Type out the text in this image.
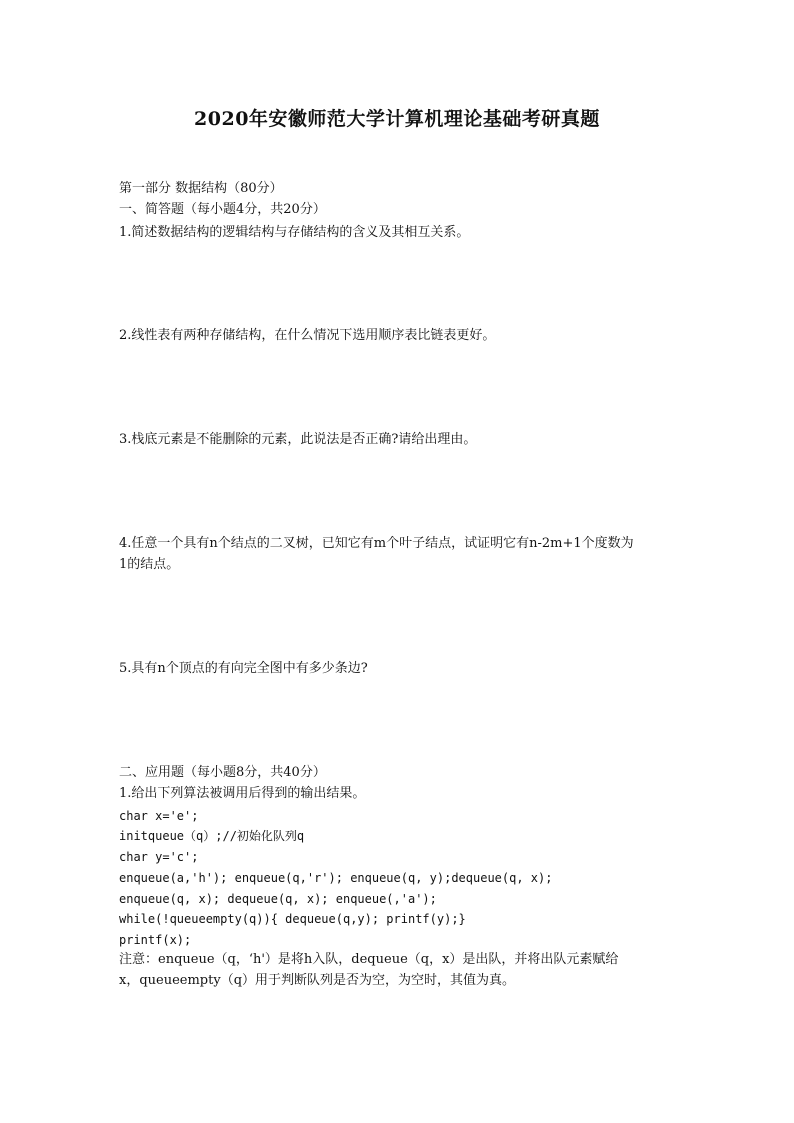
2020年安徽师范大学计算机理论基础考研真题
第一部分 数据结构（80分）
一、简答题（每小题4分，共20分）
1.简述数据结构的逻辑结构与存储结构的含义及其相互关系。
2.线性表有两种存储结构，在什么情况下选用顺序表比链表更好。
3.栈底元素是不能删除的元素，此说法是否正确?请给出理由。
4.任意一个具有n个结点的二叉树，已知它有m个叶子结点，试证明它有n-2m+1个度数为
1的结点。
5.具有n个顶点的有向完全图中有多少条边?
二、应用题（每小题8分，共40分）
1.给出下列算法被调用后得到的输出结果。
char x='e';
initqueue（q）;//初始化队列q
char y='c';
enqueue(a,'h'); enqueue(q,'r'); enqueue(q, y);dequeue(q, x);
enqueue(q, x); dequeue(q, x); enqueue(,'a');
while(!queueempty(q)){ dequeue(q,y); printf(y);}
printf(x);
注意：enqueue（q，‘h'）是将h入队，dequeue（q，x）是出队，并将出队元素赋给
x，queueempty（q）用于判断队列是否为空，为空时，其值为真。
